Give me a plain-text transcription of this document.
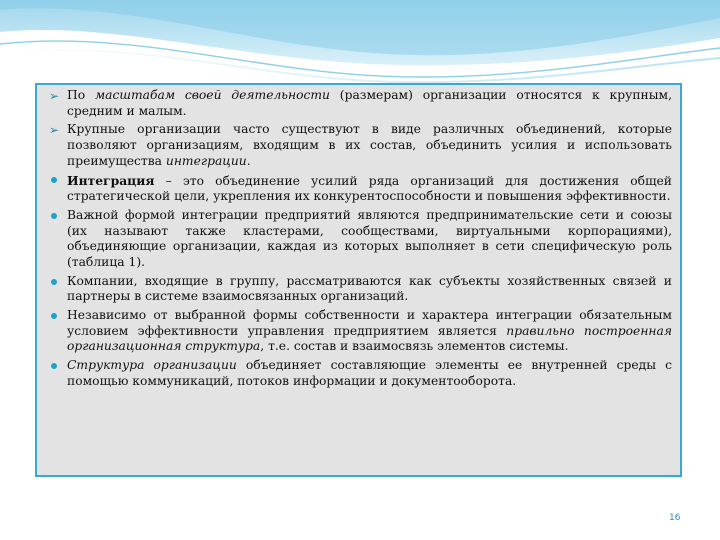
➢ По масштабам своей деятельности (размерам) организации относятся к крупным, средним и малым.
➢ Крупные организации часто существуют в виде различных объединений, которые позволяют организациям, входящим в их состав, объединить усилия и использовать преимущества интеграции.
Интеграция – это объединение усилий ряда организаций для достижения общей стратегической цели, укрепления их конкурентоспособности и повышения эффективности.
Важной формой интеграции предприятий являются предпринимательские сети и союзы (их называют также кластерами, сообществами, виртуальными корпорациями), объединяющие организации, каждая из которых выполняет в сети специфическую роль (таблица 1).
Компании, входящие в группу, рассматриваются как субъекты хозяйственных связей и партнеры в системе взаимосвязанных организаций.
Независимо от выбранной формы собственности и характера интеграции обязательным условием эффективности управления предприятием является правильно построенная организационная структура, т.е. состав и взаимосвязь элементов системы.
Структура организации объединяет составляющие элементы ее внутренней среды с помощью коммуникаций, потоков информации и документооборота.
16
